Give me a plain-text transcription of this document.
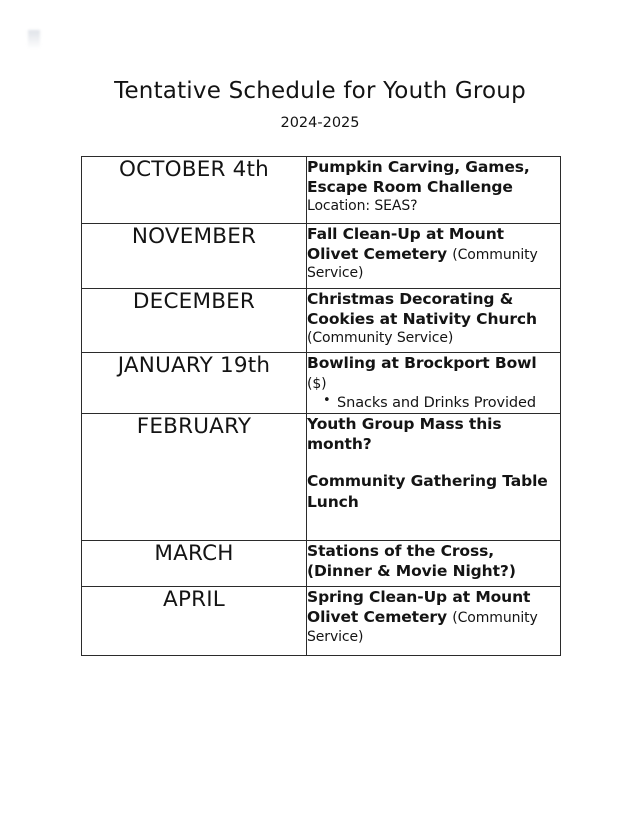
Tentative Schedule for Youth Group
2024-2025
OCTOBER 4th	Pumpkin Carving, Games,
Escape Room Challenge
Location: SEAS?

NOVEMBER	Fall Clean-Up at Mount
Olivet Cemetery (Community
Service)

DECEMBER	Christmas Decorating &
Cookies at Nativity Church
(Community Service)

JANUARY 19th	Bowling at Brockport Bowl ($)
• Snacks and Drinks Provided

FEBRUARY	Youth Group Mass this
month?
Community Gathering Table
Lunch

MARCH	Stations of the Cross,
(Dinner & Movie Night?)

APRIL	Spring Clean-Up at Mount
Olivet Cemetery (Community
Service)
